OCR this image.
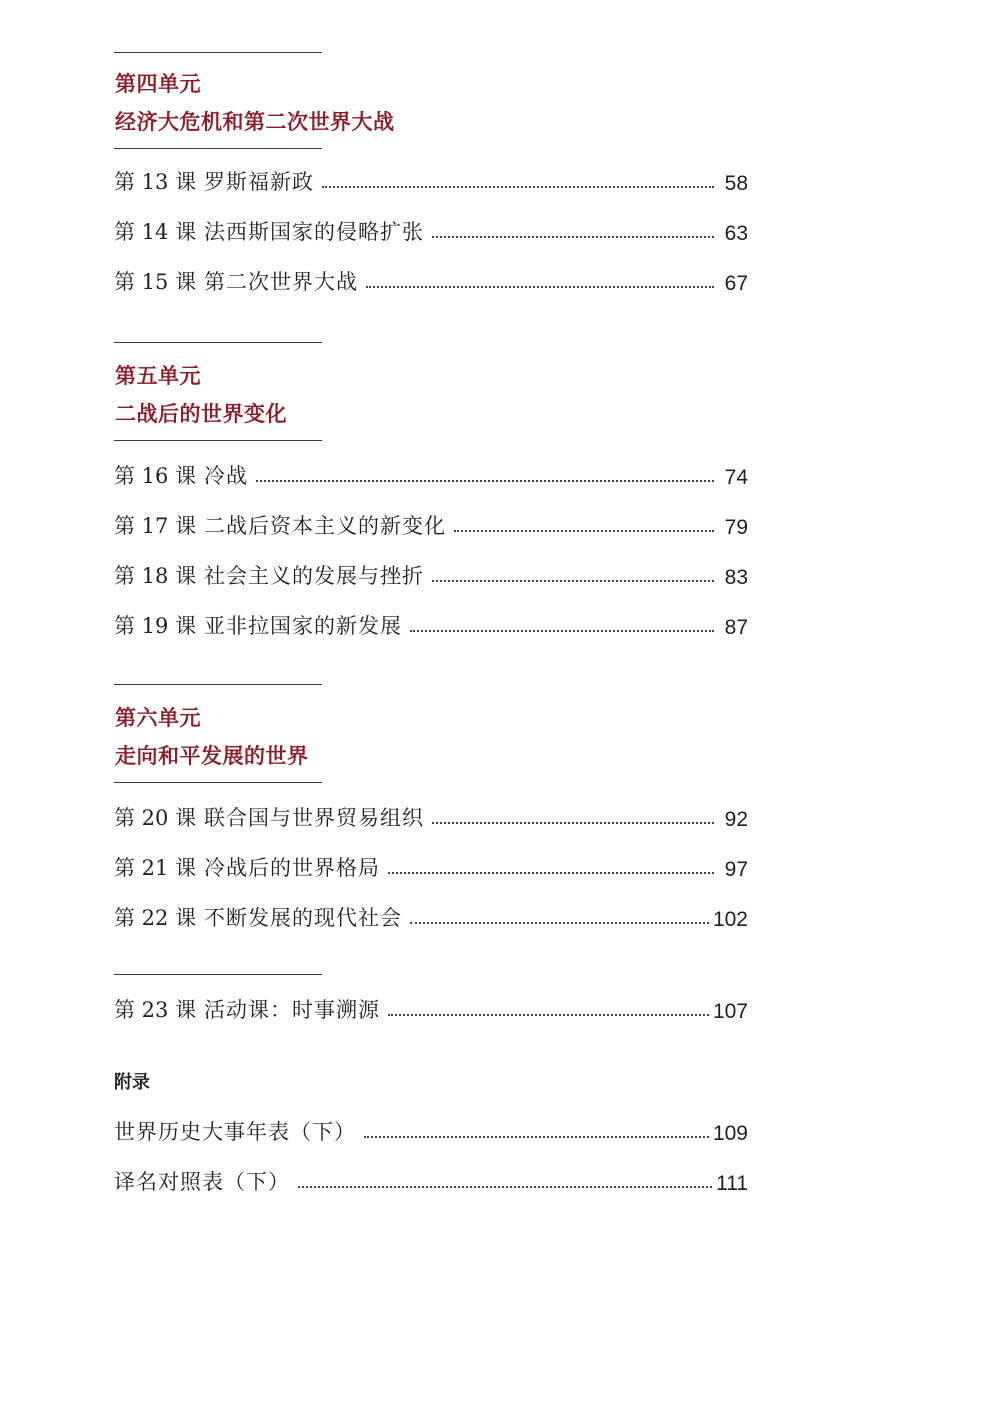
第四单元
经济大危机和第二次世界大战
第 13 课 罗斯福新政	58
第 14 课 法西斯国家的侵略扩张	63
第 15 课 第二次世界大战	67
第五单元
二战后的世界变化
第 16 课 冷战	74
第 17 课 二战后资本主义的新变化	79
第 18 课 社会主义的发展与挫折	83
第 19 课 亚非拉国家的新发展	87
第六单元
走向和平发展的世界
第 20 课 联合国与世界贸易组织	92
第 21 课 冷战后的世界格局	97
第 22 课 不断发展的现代社会	102
第 23 课 活动课：时事溯源	107
附录
世界历史大事年表（下）	109
译名对照表（下）	111
